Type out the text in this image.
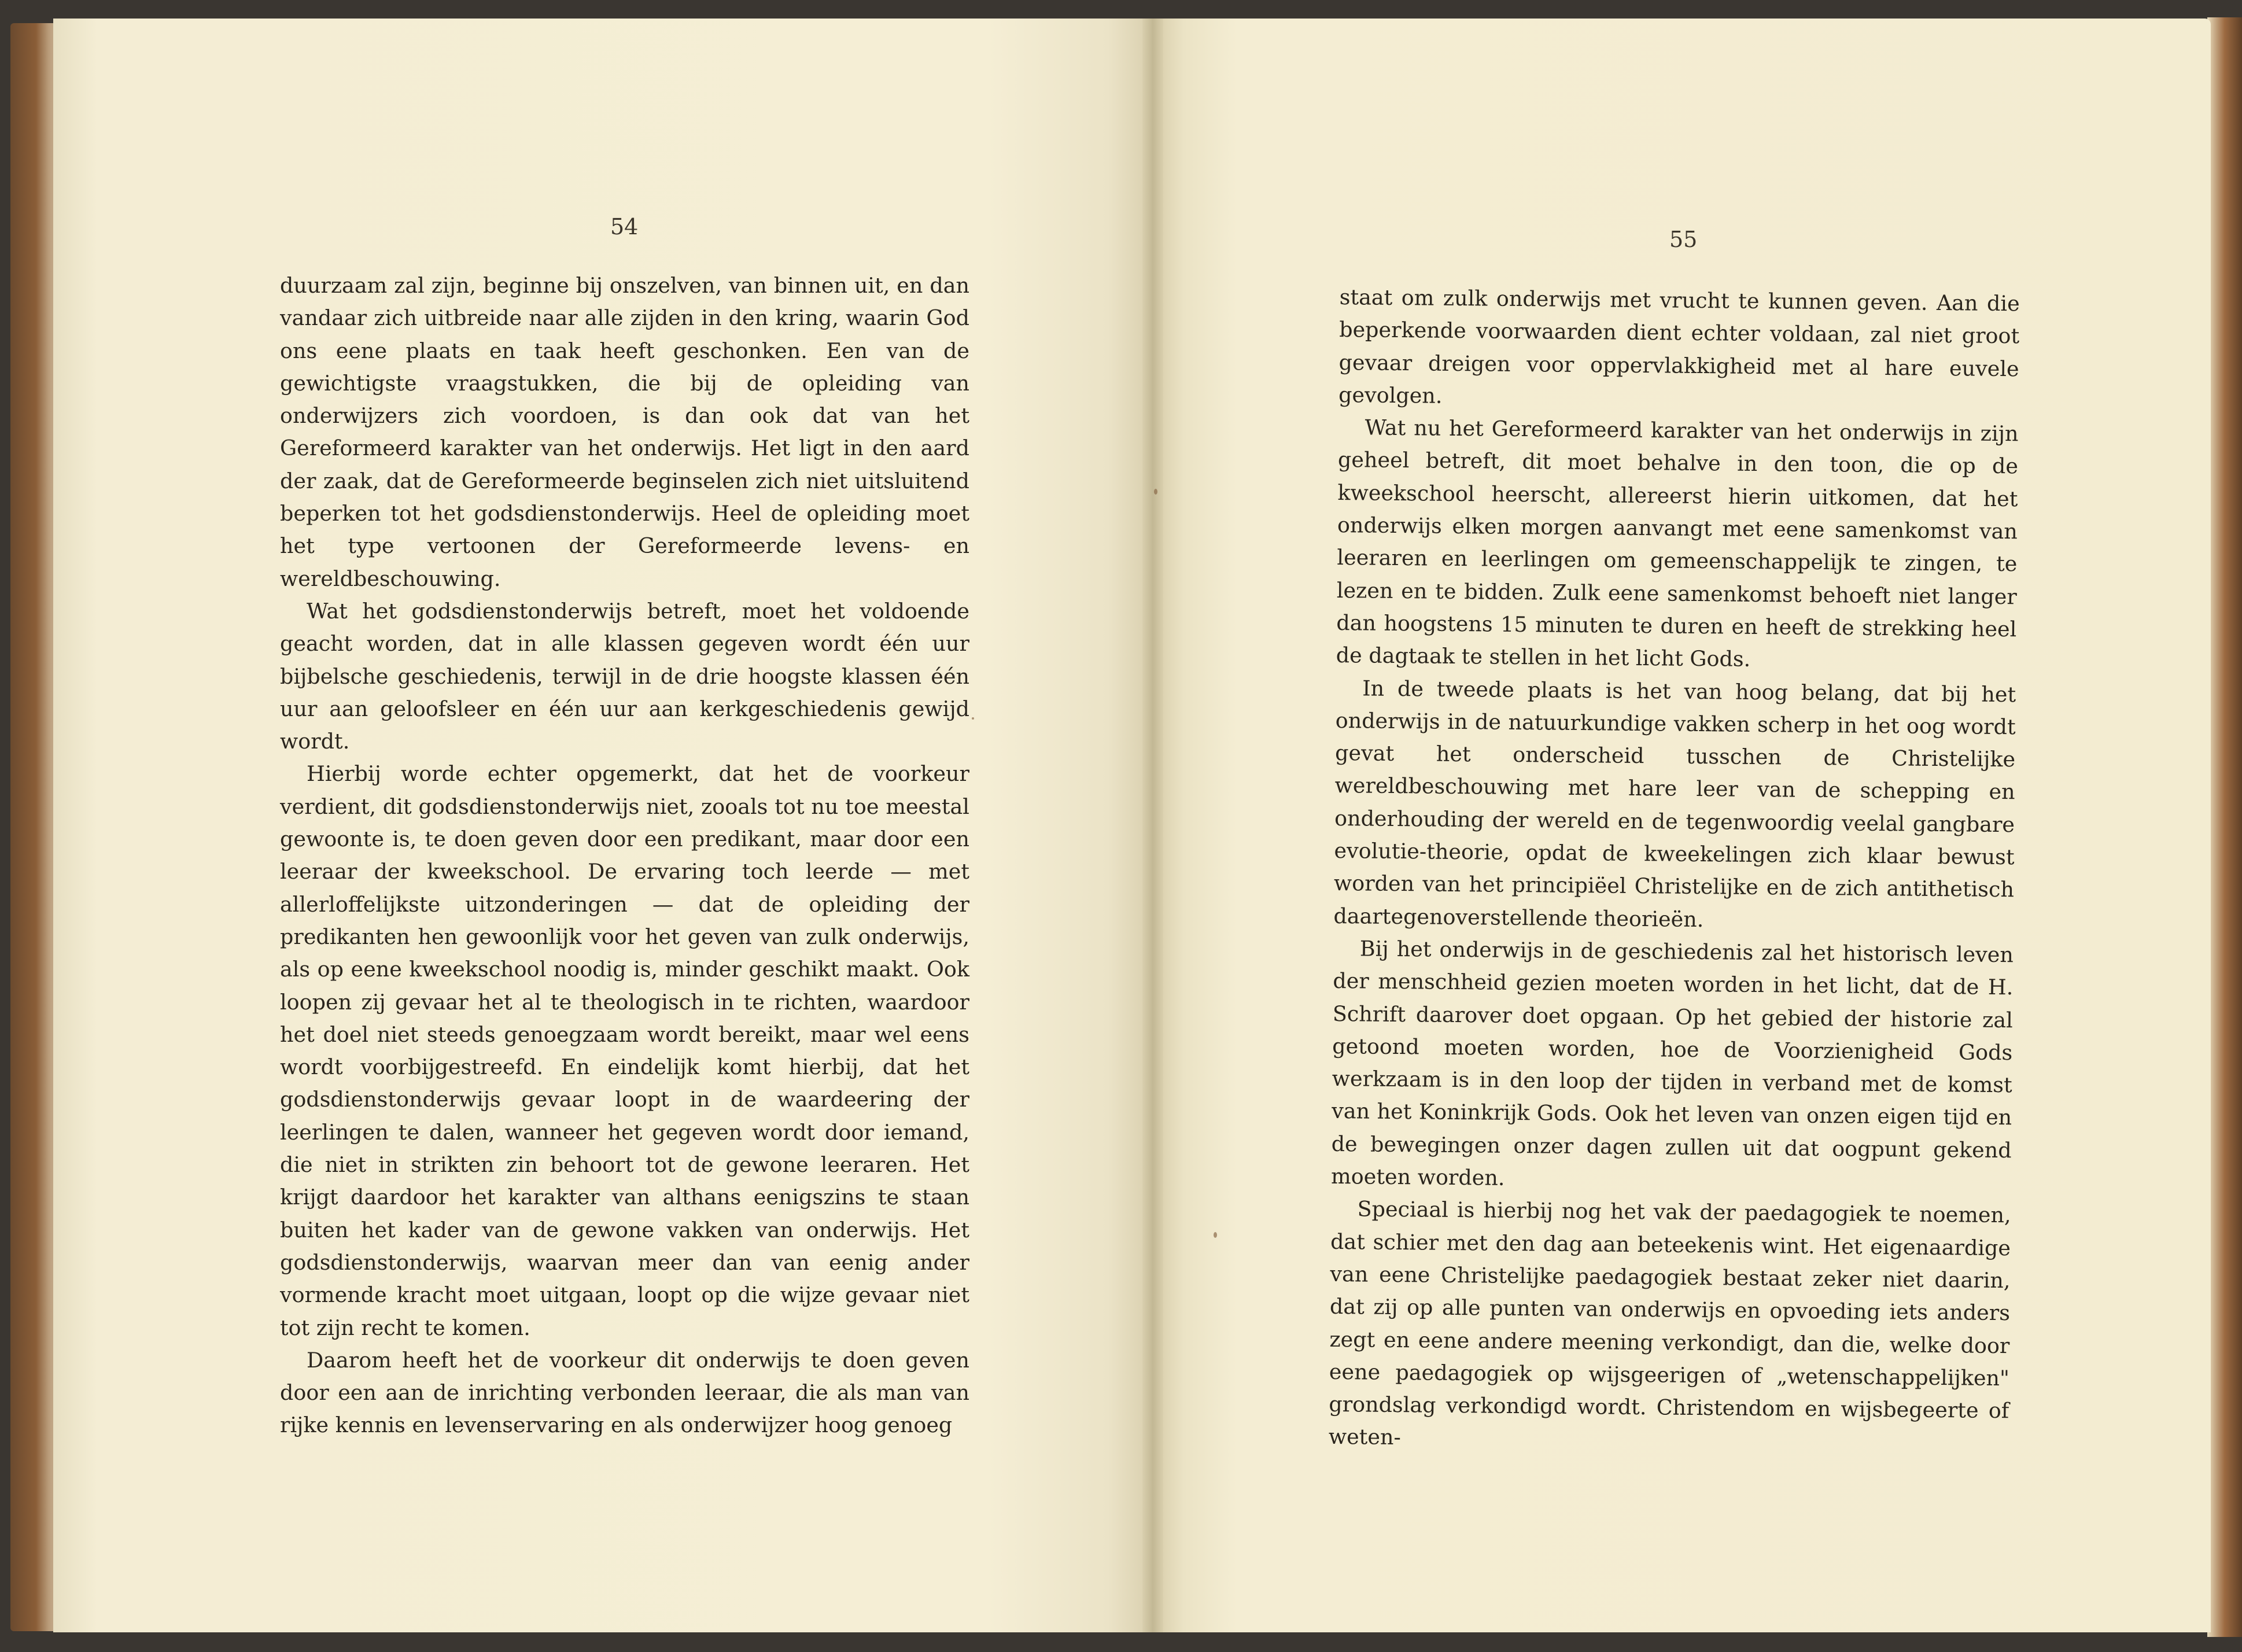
54	55

duurzaam zal zijn, beginne bij onszelven, van binnen uit, en dan vandaar zich uitbreide naar alle zijden in den kring, waarin God ons eene plaats en taak heeft geschonken. Een van de gewichtigste vraagstukken, die bij de opleiding van onderwijzers zich voordoen, is dan ook dat van het Gereformeerd karakter van het onderwijs. Het ligt in den aard der zaak, dat de Gereformeerde beginselen zich niet uitsluitend beperken tot het godsdienstonderwijs. Heel de opleiding moet het type vertoonen der Gereformeerde levens- en wereldbeschouwing.

Wat het godsdienstonderwijs betreft, moet het voldoende geacht worden, dat in alle klassen gegeven wordt één uur bijbelsche geschiedenis, terwijl in de drie hoogste klassen één uur aan geloofsleer en één uur aan kerkgeschiedenis gewijd wordt.

Hierbij worde echter opgemerkt, dat het de voorkeur verdient, dit godsdienstonderwijs niet, zooals tot nu toe meestal gewoonte is, te doen geven door een predikant, maar door een leeraar der kweekschool. De ervaring toch leerde — met allerloffelijkste uitzonderingen — dat de opleiding der predikanten hen gewoonlijk voor het geven van zulk onderwijs, als op eene kweekschool noodig is, minder geschikt maakt. Ook loopen zij gevaar het al te theologisch in te richten, waardoor het doel niet steeds genoegzaam wordt bereikt, maar wel eens wordt voorbijgestreefd. En eindelijk komt hierbij, dat het godsdienstonderwijs gevaar loopt in de waardeering der leerlingen te dalen, wanneer het gegeven wordt door iemand, die niet in strikten zin behoort tot de gewone leeraren. Het krijgt daardoor het karakter van althans eenigszins te staan buiten het kader van de gewone vakken van onderwijs. Het godsdienstonderwijs, waarvan meer dan van eenig ander vormende kracht moet uitgaan, loopt op die wijze gevaar niet tot zijn recht te komen.

Daarom heeft het de voorkeur dit onderwijs te doen geven door een aan de inrichting verbonden leeraar, die als man van rijke kennis en levenservaring en als onderwijzer hoog genoeg

staat om zulk onderwijs met vrucht te kunnen geven. Aan die beperkende voorwaarden dient echter voldaan, zal niet groot gevaar dreigen voor oppervlakkigheid met al hare euvele gevolgen.

Wat nu het Gereformeerd karakter van het onderwijs in zijn geheel betreft, dit moet behalve in den toon, die op de kweekschool heerscht, allereerst hierin uitkomen, dat het onderwijs elken morgen aanvangt met eene samenkomst van leeraren en leerlingen om gemeenschappelijk te zingen, te lezen en te bidden. Zulk eene samenkomst behoeft niet langer dan hoogstens 15 minuten te duren en heeft de strekking heel de dagtaak te stellen in het licht Gods.

In de tweede plaats is het van hoog belang, dat bij het onderwijs in de natuurkundige vakken scherp in het oog wordt gevat het onderscheid tusschen de Christelijke wereldbeschouwing met hare leer van de schepping en onderhouding der wereld en de tegenwoordig veelal gangbare evolutie-theorie, opdat de kweekelingen zich klaar bewust worden van het principiëel Christelijke en de zich antithetisch daartegenoverstellende theorieën.

Bij het onderwijs in de geschiedenis zal het historisch leven der menschheid gezien moeten worden in het licht, dat de H. Schrift daarover doet opgaan. Op het gebied der historie zal getoond moeten worden, hoe de Voorzienigheid Gods werkzaam is in den loop der tijden in verband met de komst van het Koninkrijk Gods. Ook het leven van onzen eigen tijd en de bewegingen onzer dagen zullen uit dat oogpunt gekend moeten worden.

Speciaal is hierbij nog het vak der paedagogiek te noemen, dat schier met den dag aan beteekenis wint. Het eigenaardige van eene Christelijke paedagogiek bestaat zeker niet daarin, dat zij op alle punten van onderwijs en opvoeding iets anders zegt en eene andere meening verkondigt, dan die, welke door eene paedagogiek op wijsgeerigen of „wetenschappelijken" grondslag verkondigd wordt. Christendom en wijsbegeerte of weten-
